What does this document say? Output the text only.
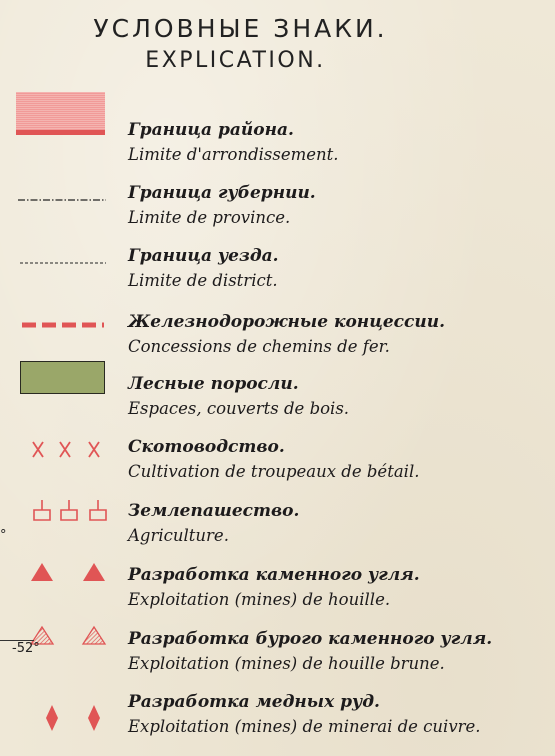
УСЛОВНЫЕ ЗНАКИ.
EXPLICATION.
Граница района.
Limite d'arrondissement.
Граница губернии.
Limite de province.
Граница уезда.
Limite de district.
Железнодорожные концессии.
Concessions de chemins de fer.
Лесные поросли.
Espaces, couverts de bois.
Скотоводство.
Cultivation de troupeaux de bétail.
Землепашество.
Agriculture.
Разработка каменного угля.
Exploitation (mines) de houille.
Разработка бурого каменного угля.
Exploitation (mines) de houille brune.
Разработка медных руд.
Exploitation (mines) de minerai de cuivre.
°
-52°
